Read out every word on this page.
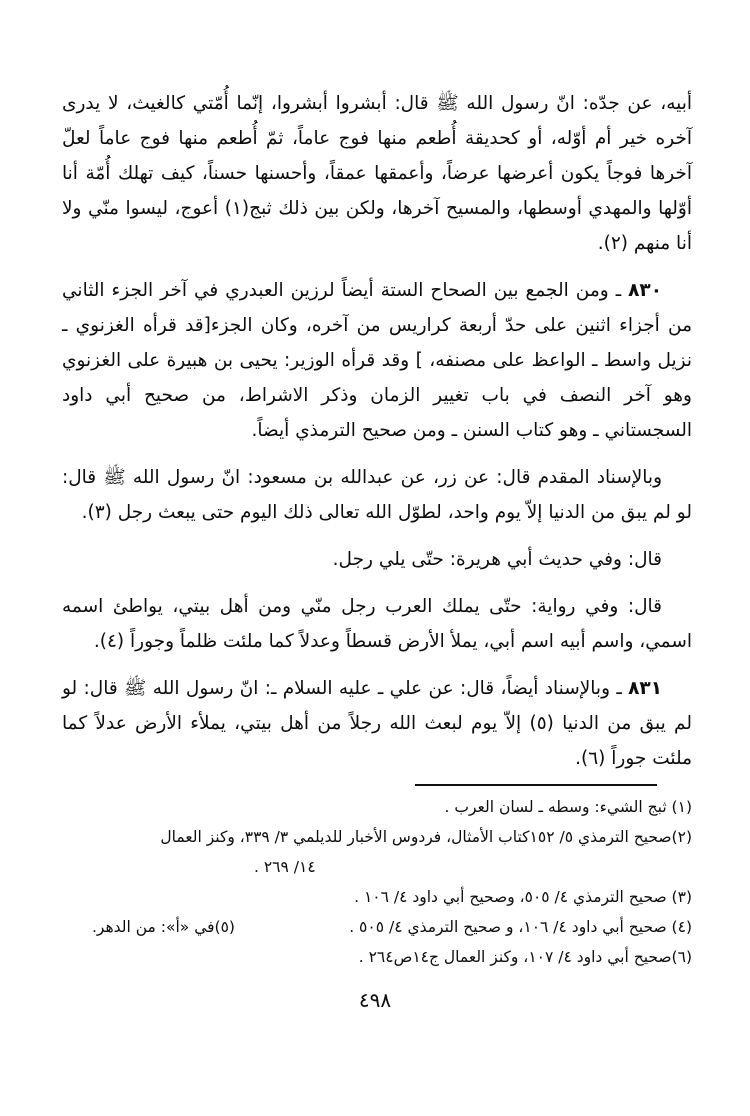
أبيه، عن جدّه: انّ رسول الله ﷺ قال: أبشروا أبشروا، إنّما أُمّتي كالغيث، لا يدرى آخره خير أم أوّله، أو كحديقة أُطعم منها فوج عاماً، ثمّ أُطعم منها فوج عاماً لعلّ آخرها فوجاً يكون أعرضها عرضاً، وأعمقها عمقاً، وأحسنها حسناً، كيف تهلك أُمّة أنا أوّلها والمهدي أوسطها، والمسيح آخرها، ولكن بين ذلك ثبج(١) أعوج، ليسوا منّي ولا أنا منهم (٢).
٨٣٠ ـ ومن الجمع بين الصحاح الستة أيضاً لرزين العبدري في آخر الجزء الثاني من أجزاء اثنين على حدّ أربعة كراريس من آخره، وكان الجزء[قد قرأه الغزنوي ـ نزيل واسط ـ الواعظ على مصنفه، ] وقد قرأه الوزير: يحيى بن هبيرة على الغزنوي وهو آخر النصف في باب تغيير الزمان وذكر الاشراط، من صحيح أبي داود السجستاني ـ وهو كتاب السنن ـ ومن صحيح الترمذي أيضاً.
وبالإسناد المقدم قال: عن زر، عن عبدالله بن مسعود: انّ رسول الله ﷺ قال: لو لم يبق من الدنيا إلاّ يوم واحد، لطوّل الله تعالى ذلك اليوم حتى يبعث رجل (٣).
قال: وفي حديث أبي هريرة: حتّى يلي رجل.
قال: وفي رواية: حتّى يملك العرب رجل منّي ومن أهل بيتي، يواطئ اسمه اسمي، واسم أبيه اسم أبي، يملأ الأرض قسطاً وعدلاً كما ملئت ظلماً وجوراً (٤).
٨٣١ ـ وبالإسناد أيضاً، قال: عن علي ـ عليه السلام ـ: انّ رسول الله ﷺ قال: لو لم يبق من الدنيا (٥) إلاّ يوم لبعث الله رجلاً من أهل بيتي، يملأء الأرض عدلاً كما ملئت جوراً (٦).
(١) ثبج الشيء: وسطه ـ لسان العرب .
(٢)صحيح الترمذي ٥/ ١٥٢كتاب الأمثال، فردوس الأخبار للديلمي ٣/ ٣٣٩، وكنز العمال
١٤/ ٢٦٩ .
(٣) صحيح الترمذي ٤/ ٥٠٥، وصحيح أبي داود ٤/ ١٠٦ .
(٤) صحيح أبي داود ٤/ ١٠٦، و صحيح الترمذي ٤/ ٥٠٥ .
(٥)في «أ»: من الدهر.
(٦)صحيح أبي داود ٤/ ١٠٧، وكنز العمال ج١٤ص٢٦٤ .
٤٩٨
